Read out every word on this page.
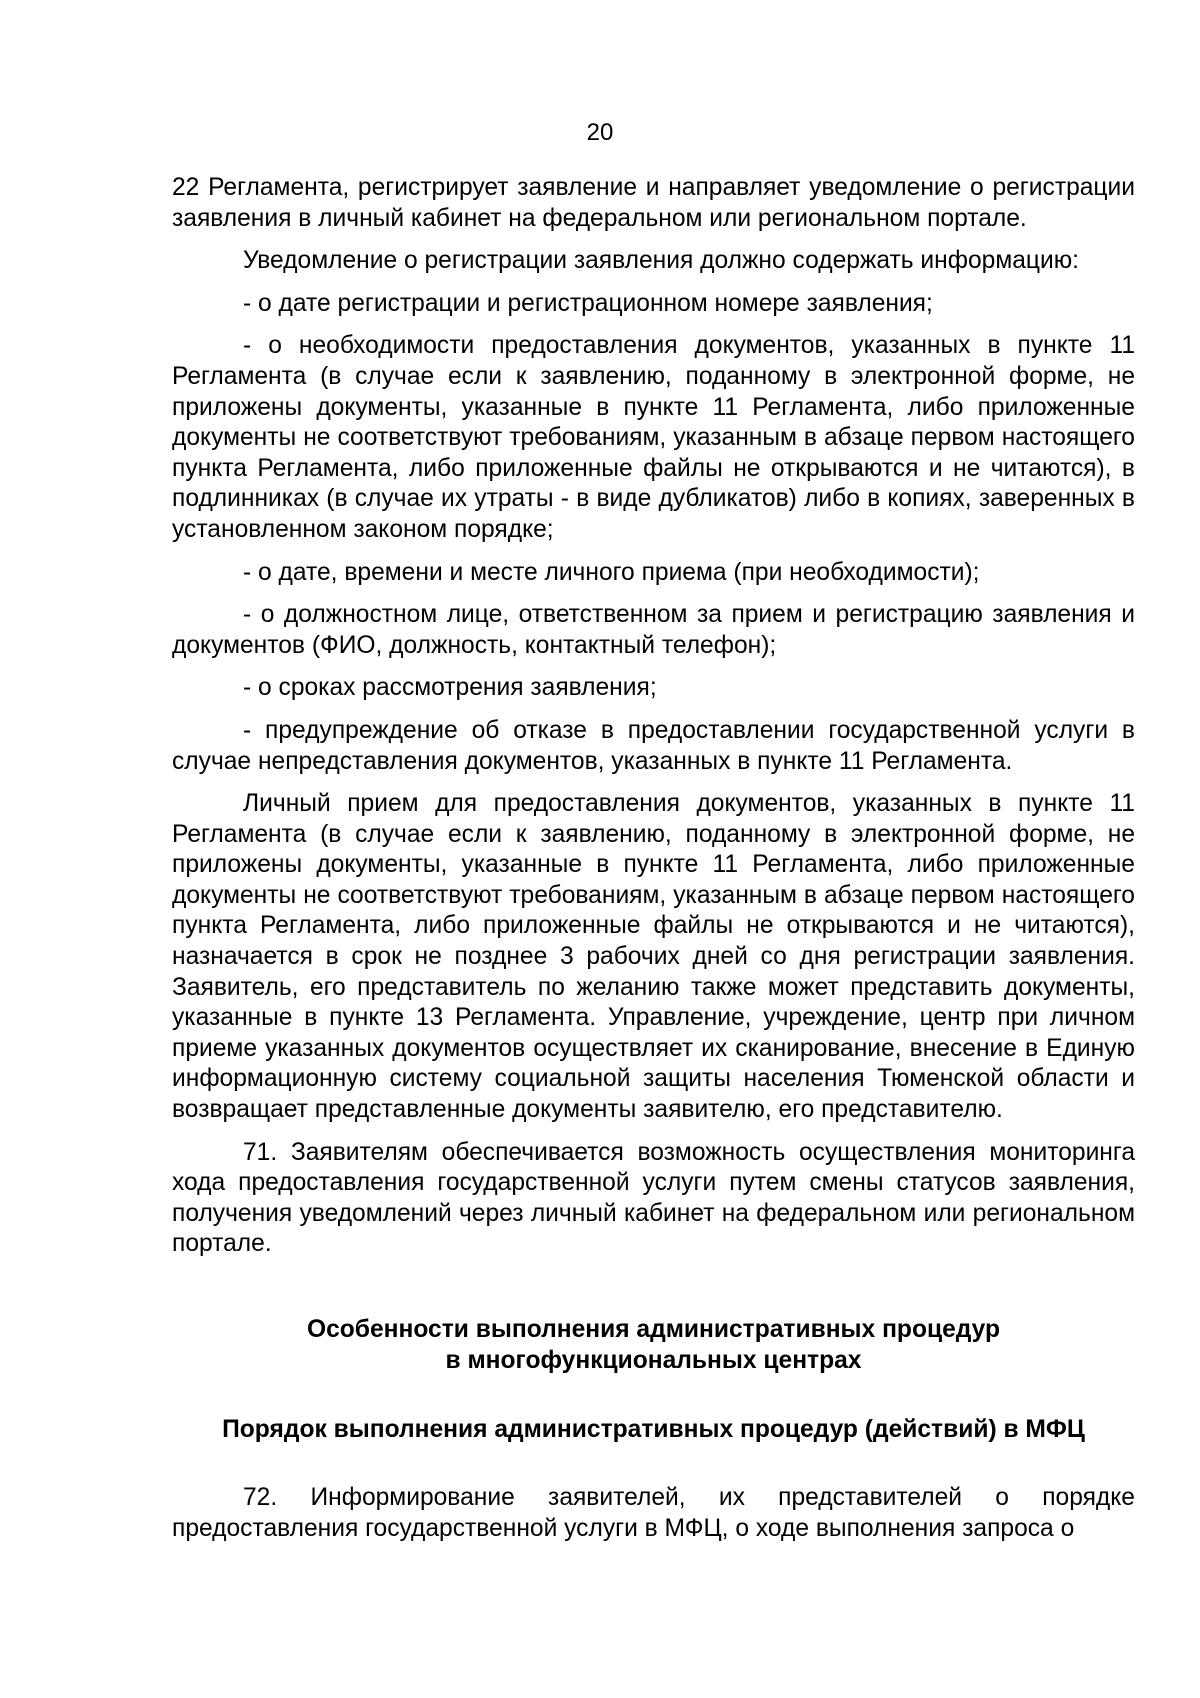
20

22 Регламента, регистрирует заявление и направляет уведомление о регистрации заявления в личный кабинет на федеральном или региональном портале.

Уведомление о регистрации заявления должно содержать информацию:

- о дате регистрации и регистрационном номере заявления;

- о необходимости предоставления документов, указанных в пункте 11 Регламента (в случае если к заявлению, поданному в электронной форме, не приложены документы, указанные в пункте 11 Регламента, либо приложенные документы не соответствуют требованиям, указанным в абзаце первом настоящего пункта Регламента, либо приложенные файлы не открываются и не читаются), в подлинниках (в случае их утраты - в виде дубликатов) либо в копиях, заверенных в установленном законом порядке;

- о дате, времени и месте личного приема (при необходимости);

- о должностном лице, ответственном за прием и регистрацию заявления и документов (ФИО, должность, контактный телефон);

- о сроках рассмотрения заявления;

- предупреждение об отказе в предоставлении государственной услуги в случае непредставления документов, указанных в пункте 11 Регламента.

Личный прием для предоставления документов, указанных в пункте 11 Регламента (в случае если к заявлению, поданному в электронной форме, не приложены документы, указанные в пункте 11 Регламента, либо приложенные документы не соответствуют требованиям, указанным в абзаце первом настоящего пункта Регламента, либо приложенные файлы не открываются и не читаются), назначается в срок не позднее 3 рабочих дней со дня регистрации заявления. Заявитель, его представитель по желанию также может представить документы, указанные в пункте 13 Регламента. Управление, учреждение, центр при личном приеме указанных документов осуществляет их сканирование, внесение в Единую информационную систему социальной защиты населения Тюменской области и возвращает представленные документы заявителю, его представителю.

71. Заявителям обеспечивается возможность осуществления мониторинга хода предоставления государственной услуги путем смены статусов заявления, получения уведомлений через личный кабинет на федеральном или региональном портале.

Особенности выполнения административных процедур
в многофункциональных центрах
Порядок выполнения административных процедур (действий) в МФЦ

72. Информирование заявителей, их представителей о порядке предоставления государственной услуги в МФЦ, о ходе выполнения запроса о
